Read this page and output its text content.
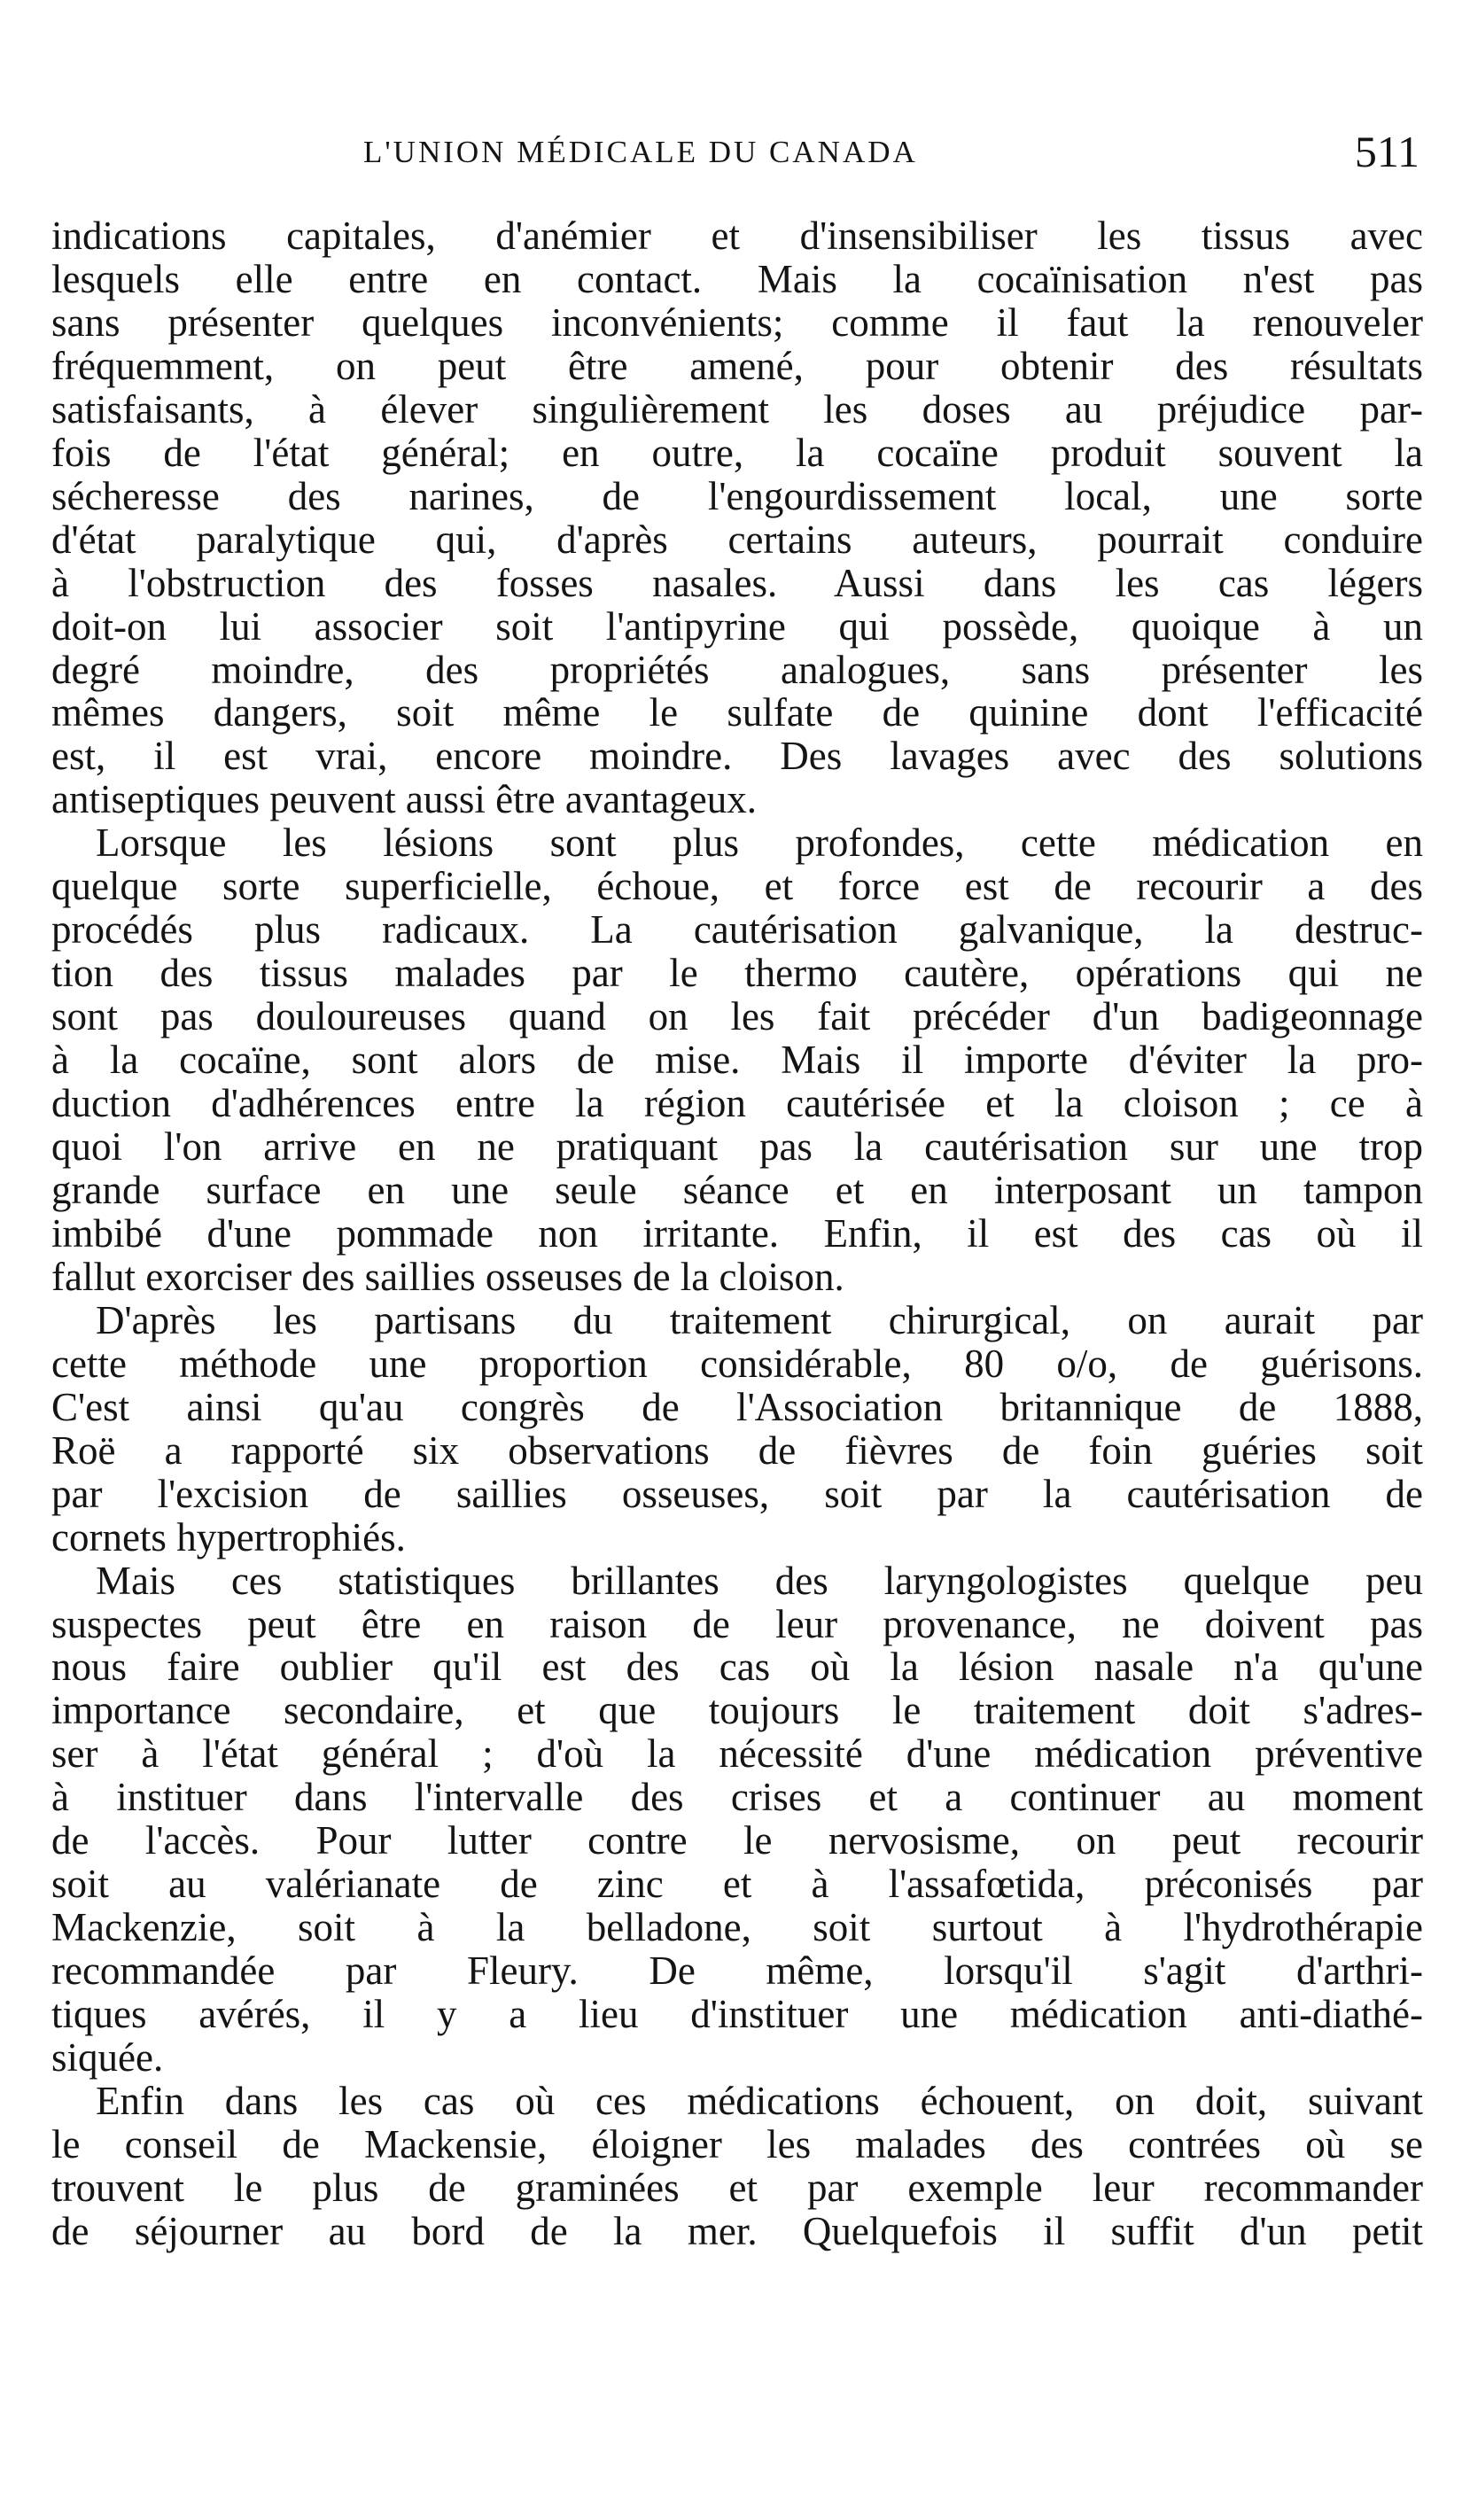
L'UNION MÉDICALE DU CANADA	511
indications capitales, d'anémier et d'insensibiliser les tissus avec
lesquels elle entre en contact. Mais la cocaïnisation n'est pas
sans présenter quelques inconvénients; comme il faut la renouveler
fréquemment, on peut être amené, pour obtenir des résultats
satisfaisants, à élever singulièrement les doses au préjudice par-
fois de l'état général; en outre, la cocaïne produit souvent la
sécheresse des narines, de l'engourdissement local, une sorte
d'état paralytique qui, d'après certains auteurs, pourrait conduire
à l'obstruction des fosses nasales. Aussi dans les cas légers
doit-on lui associer soit l'antipyrine qui possède, quoique à un
degré moindre, des propriétés analogues, sans présenter les
mêmes dangers, soit même le sulfate de quinine dont l'efficacité
est, il est vrai, encore moindre. Des lavages avec des solutions
antiseptiques peuvent aussi être avantageux.
Lorsque les lésions sont plus profondes, cette médication en
quelque sorte superficielle, échoue, et force est de recourir a des
procédés plus radicaux. La cautérisation galvanique, la destruc-
tion des tissus malades par le thermo cautère, opérations qui ne
sont pas douloureuses quand on les fait précéder d'un badigeonnage
à la cocaïne, sont alors de mise. Mais il importe d'éviter la pro-
duction d'adhérences entre la région cautérisée et la cloison ; ce à
quoi l'on arrive en ne pratiquant pas la cautérisation sur une trop
grande surface en une seule séance et en interposant un tampon
imbibé d'une pommade non irritante. Enfin, il est des cas où il
fallut exorciser des saillies osseuses de la cloison.
D'après les partisans du traitement chirurgical, on aurait par
cette méthode une proportion considérable, 80 o/o, de guérisons.
C'est ainsi qu'au congrès de l'Association britannique de 1888,
Roë a rapporté six observations de fièvres de foin guéries soit
par l'excision de saillies osseuses, soit par la cautérisation de
cornets hypertrophiés.
Mais ces statistiques brillantes des laryngologistes quelque peu
suspectes peut être en raison de leur provenance, ne doivent pas
nous faire oublier qu'il est des cas où la lésion nasale n'a qu'une
importance secondaire, et que toujours le traitement doit s'adres-
ser à l'état général ; d'où la nécessité d'une médication préventive
à instituer dans l'intervalle des crises et a continuer au moment
de l'accès. Pour lutter contre le nervosisme, on peut recourir
soit au valérianate de zinc et à l'assafœtida, préconisés par
Mackenzie, soit à la belladone, soit surtout à l'hydrothérapie
recommandée par Fleury. De même, lorsqu'il s'agit d'arthri-
tiques avérés, il y a lieu d'instituer une médication anti-diathé-
siquée.
Enfin dans les cas où ces médications échouent, on doit, suivant
le conseil de Mackensie, éloigner les malades des contrées où se
trouvent le plus de graminées et par exemple leur recommander
de séjourner au bord de la mer. Quelquefois il suffit d'un petit
